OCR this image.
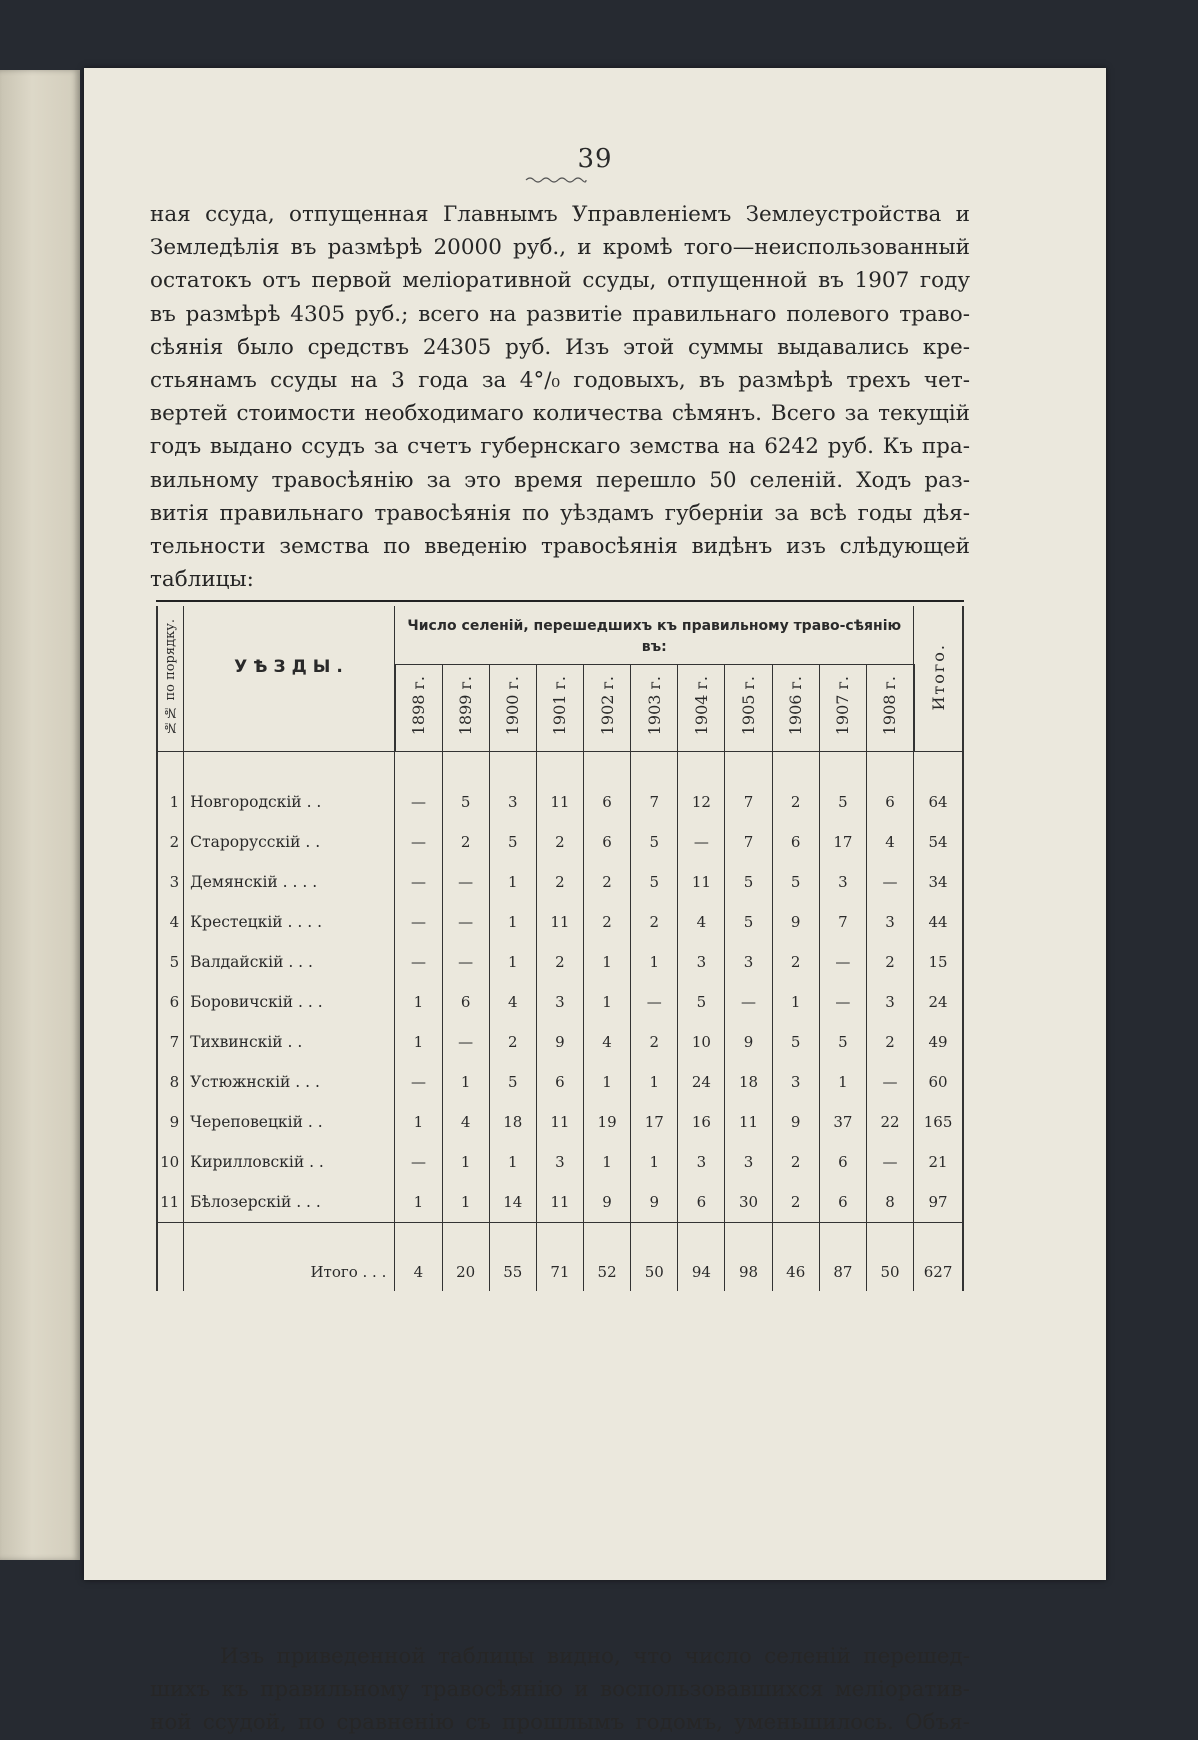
39
ная ссуда, отпущенная Главнымъ Управленіемъ Землеустройства и
Земледѣлія въ размѣрѣ 20000 руб., и кромѣ того—неиспользованный
остатокъ отъ первой меліоративной ссуды, отпущенной въ 1907 году
въ размѣрѣ 4305 руб.; всего на развитіе правильнаго полевого траво-
сѣянія было средствъ 24305 руб. Изъ этой суммы выдавались кре-
стьянамъ ссуды на 3 года за 4°/₀ годовыхъ, въ размѣрѣ трехъ чет-
вертей стоимости необходимаго количества сѣмянъ. Всего за текущій
годъ выдано ссудъ за счетъ губернскаго земства на 6242 руб. Къ пра-
вильному травосѣянію за это время перешло 50 селеній. Ходъ раз-
витія правильнаго травосѣянія по уѣздамъ губерніи за всѣ годы дѣя-
тельности земства по введенію травосѣянія видѣнъ изъ слѣдующей
таблицы:
№№ по порядку.	УѢЗДЫ.	Число селеній, перешедшихъ къ правильному траво-сѣянію въ:											Итого.
		1898 г.	1899 г.	1900 г.	1901 г.	1902 г.	1903 г.	1904 г.	1905 г.	1906 г.	1907 г.	1908 г.	

1	Новгородскій . .	—	5	3	11	6	7	12	7	2	5	6	64
2	Старорусскій . .	—	2	5	2	6	5	—	7	6	17	4	54
3	Демянскій . . . .	—	—	1	2	2	5	11	5	5	3	—	34
4	Крестецкій . . . .	—	—	1	11	2	2	4	5	9	7	3	44
5	Валдайскій . . .	—	—	1	2	1	1	3	3	2	—	2	15
6	Боровичскій . . .	1	6	4	3	1	—	5	—	1	—	3	24
7	Тихвинскій . .	1	—	2	9	4	2	10	9	5	5	2	49
8	Устюжнскій . . .	—	1	5	6	1	1	24	18	3	1	—	60
9	Череповецкій . .	1	4	18	11	19	17	16	11	9	37	22	165
10	Кирилловскій . .	—	1	1	3	1	1	3	3	2	6	—	21
11	Бѣлозерскій . . .	1	1	14	11	9	9	6	30	2	6	8	97
	Итого . . .	4	20	55	71	52	50	94	98	46	87	50	627
Изъ приведенной таблицы видно, что число селеній перешед-
шихъ къ правильному травосѣянію и воспользовавшихся меліоратив-
ной ссудой, по сравненію съ прошлымъ годомъ, уменьшилось. Объя-
